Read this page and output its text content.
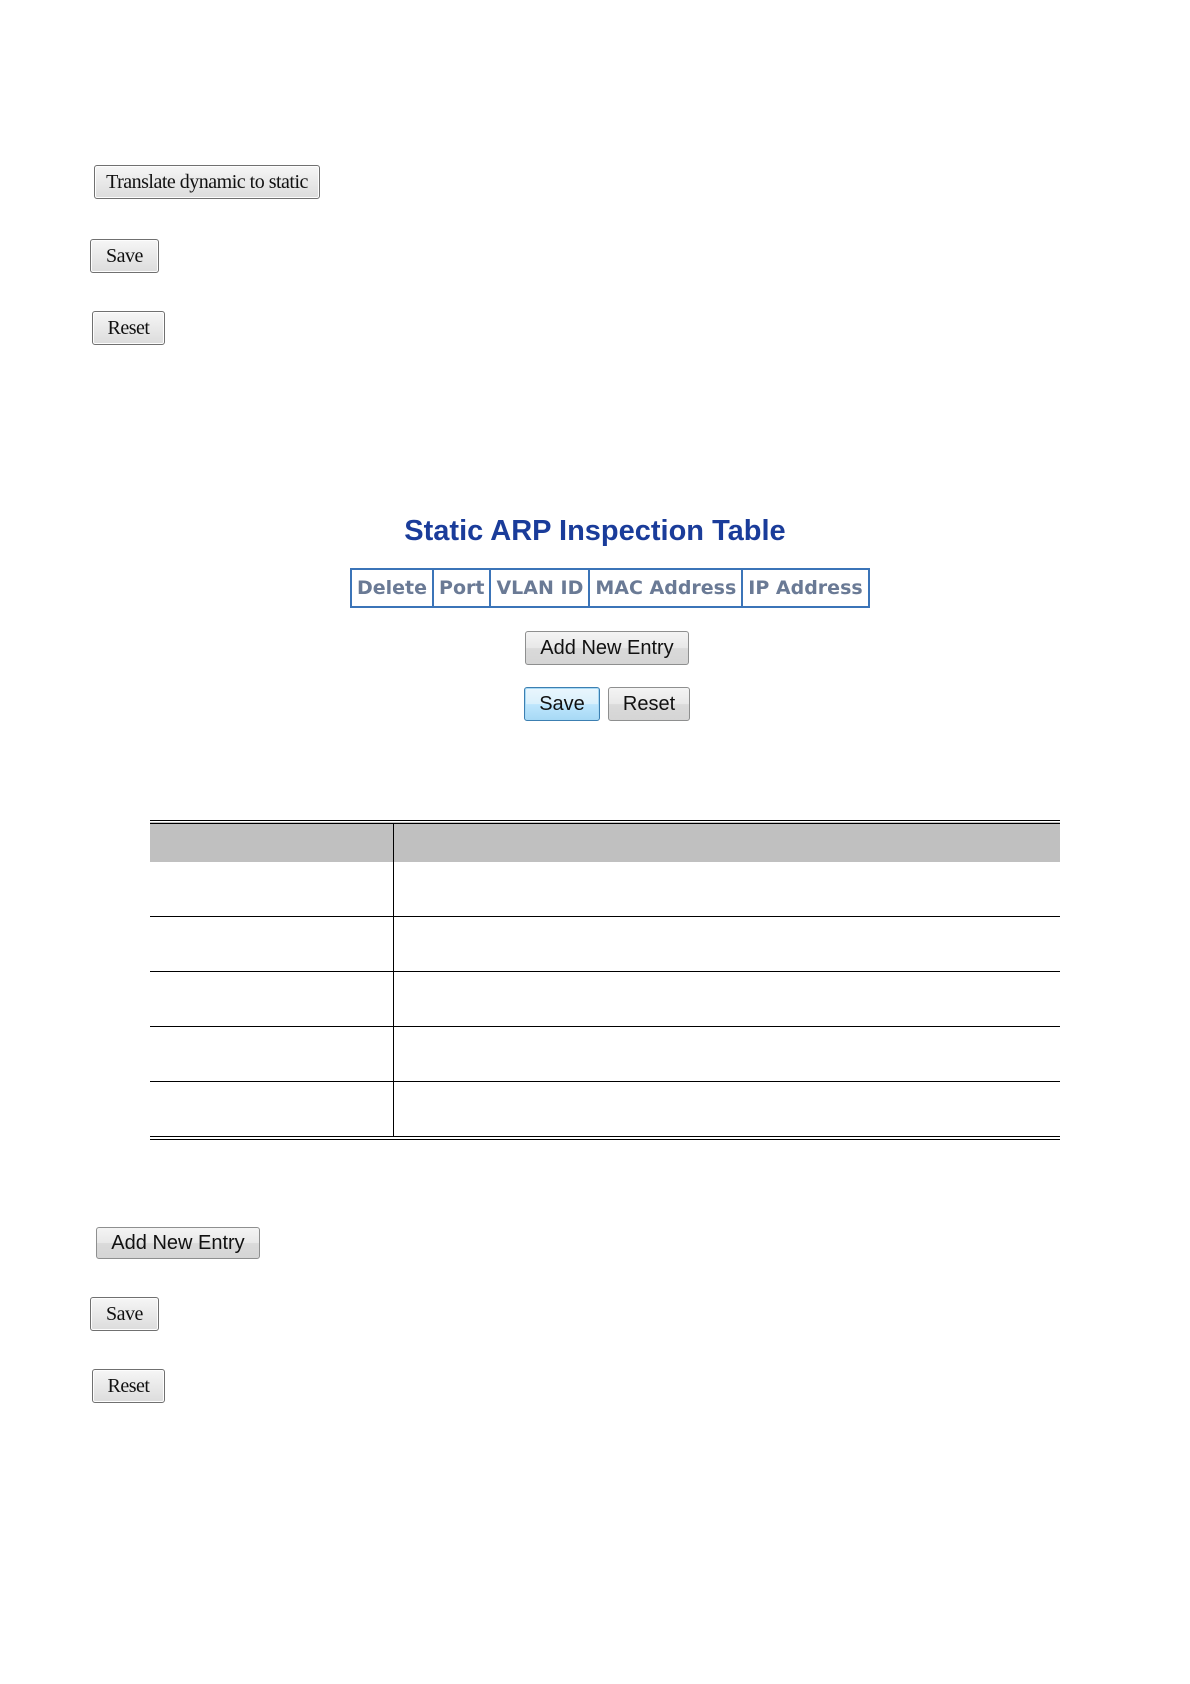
Translate dynamic to static
Save
Reset
Static ARP Inspection Table
Delete	Port	VLAN ID	MAC Address	IP Address
Add New Entry
Save	Reset

Add New Entry
Save
Reset
